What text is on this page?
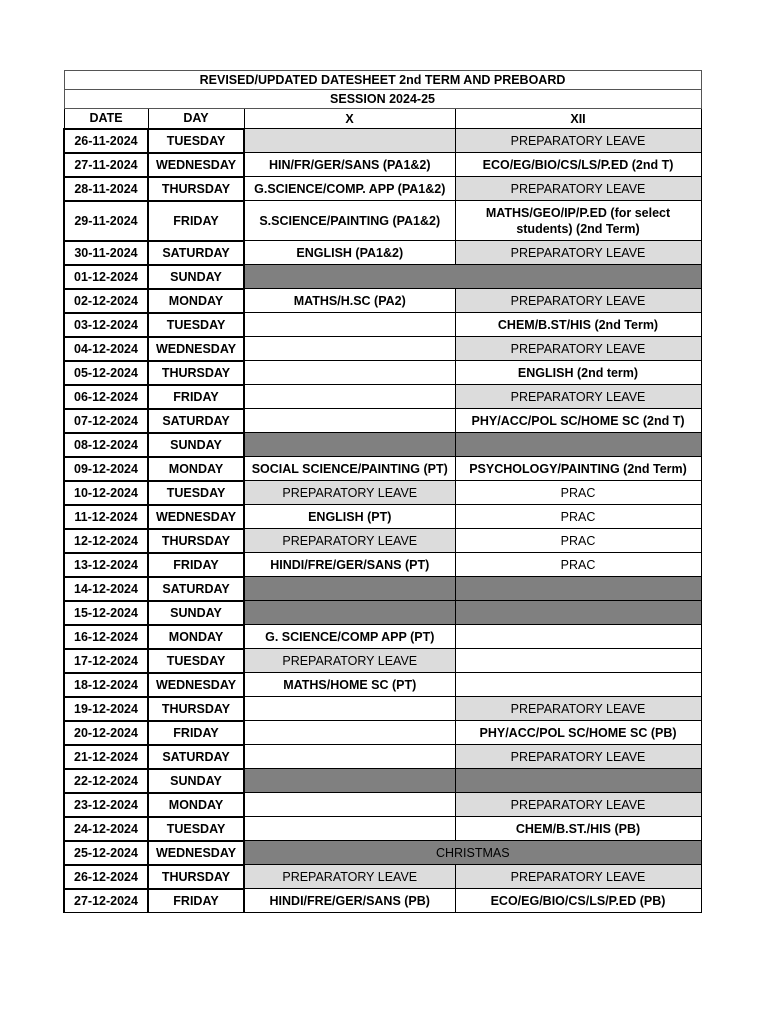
REVISED/UPDATED DATESHEET 2nd TERM AND PREBOARD			
SESSION 2024-25			
DATE	DAY	X	XII
26-11-2024	TUESDAY		PREPARATORY LEAVE
27-11-2024	WEDNESDAY	HIN/FR/GER/SANS (PA1&2)	ECO/EG/BIO/CS/LS/P.ED (2nd T)
28-11-2024	THURSDAY	G.SCIENCE/COMP. APP (PA1&2)	PREPARATORY LEAVE
29-11-2024	FRIDAY	S.SCIENCE/PAINTING (PA1&2)	MATHS/GEO/IP/P.ED (for select students) (2nd Term)
30-11-2024	SATURDAY	ENGLISH (PA1&2)	PREPARATORY LEAVE
01-12-2024	SUNDAY		
02-12-2024	MONDAY	MATHS/H.SC (PA2)	PREPARATORY LEAVE
03-12-2024	TUESDAY		CHEM/B.ST/HIS (2nd Term)
04-12-2024	WEDNESDAY		PREPARATORY LEAVE
05-12-2024	THURSDAY		ENGLISH (2nd term)
06-12-2024	FRIDAY		PREPARATORY LEAVE
07-12-2024	SATURDAY		PHY/ACC/POL SC/HOME SC (2nd T)
08-12-2024	SUNDAY		
09-12-2024	MONDAY	SOCIAL SCIENCE/PAINTING (PT)	PSYCHOLOGY/PAINTING (2nd Term)
10-12-2024	TUESDAY	PREPARATORY LEAVE	PRAC
11-12-2024	WEDNESDAY	ENGLISH (PT)	PRAC
12-12-2024	THURSDAY	PREPARATORY LEAVE	PRAC
13-12-2024	FRIDAY	HINDI/FRE/GER/SANS (PT)	PRAC
14-12-2024	SATURDAY		
15-12-2024	SUNDAY		
16-12-2024	MONDAY	G. SCIENCE/COMP APP (PT)	
17-12-2024	TUESDAY	PREPARATORY LEAVE	
18-12-2024	WEDNESDAY	MATHS/HOME SC (PT)	
19-12-2024	THURSDAY		PREPARATORY LEAVE
20-12-2024	FRIDAY		PHY/ACC/POL SC/HOME SC (PB)
21-12-2024	SATURDAY		PREPARATORY LEAVE
22-12-2024	SUNDAY		
23-12-2024	MONDAY		PREPARATORY LEAVE
24-12-2024	TUESDAY		CHEM/B.ST./HIS (PB)
25-12-2024	WEDNESDAY	CHRISTMAS	
26-12-2024	THURSDAY	PREPARATORY LEAVE	PREPARATORY LEAVE
27-12-2024	FRIDAY	HINDI/FRE/GER/SANS (PB)	ECO/EG/BIO/CS/LS/P.ED (PB)
